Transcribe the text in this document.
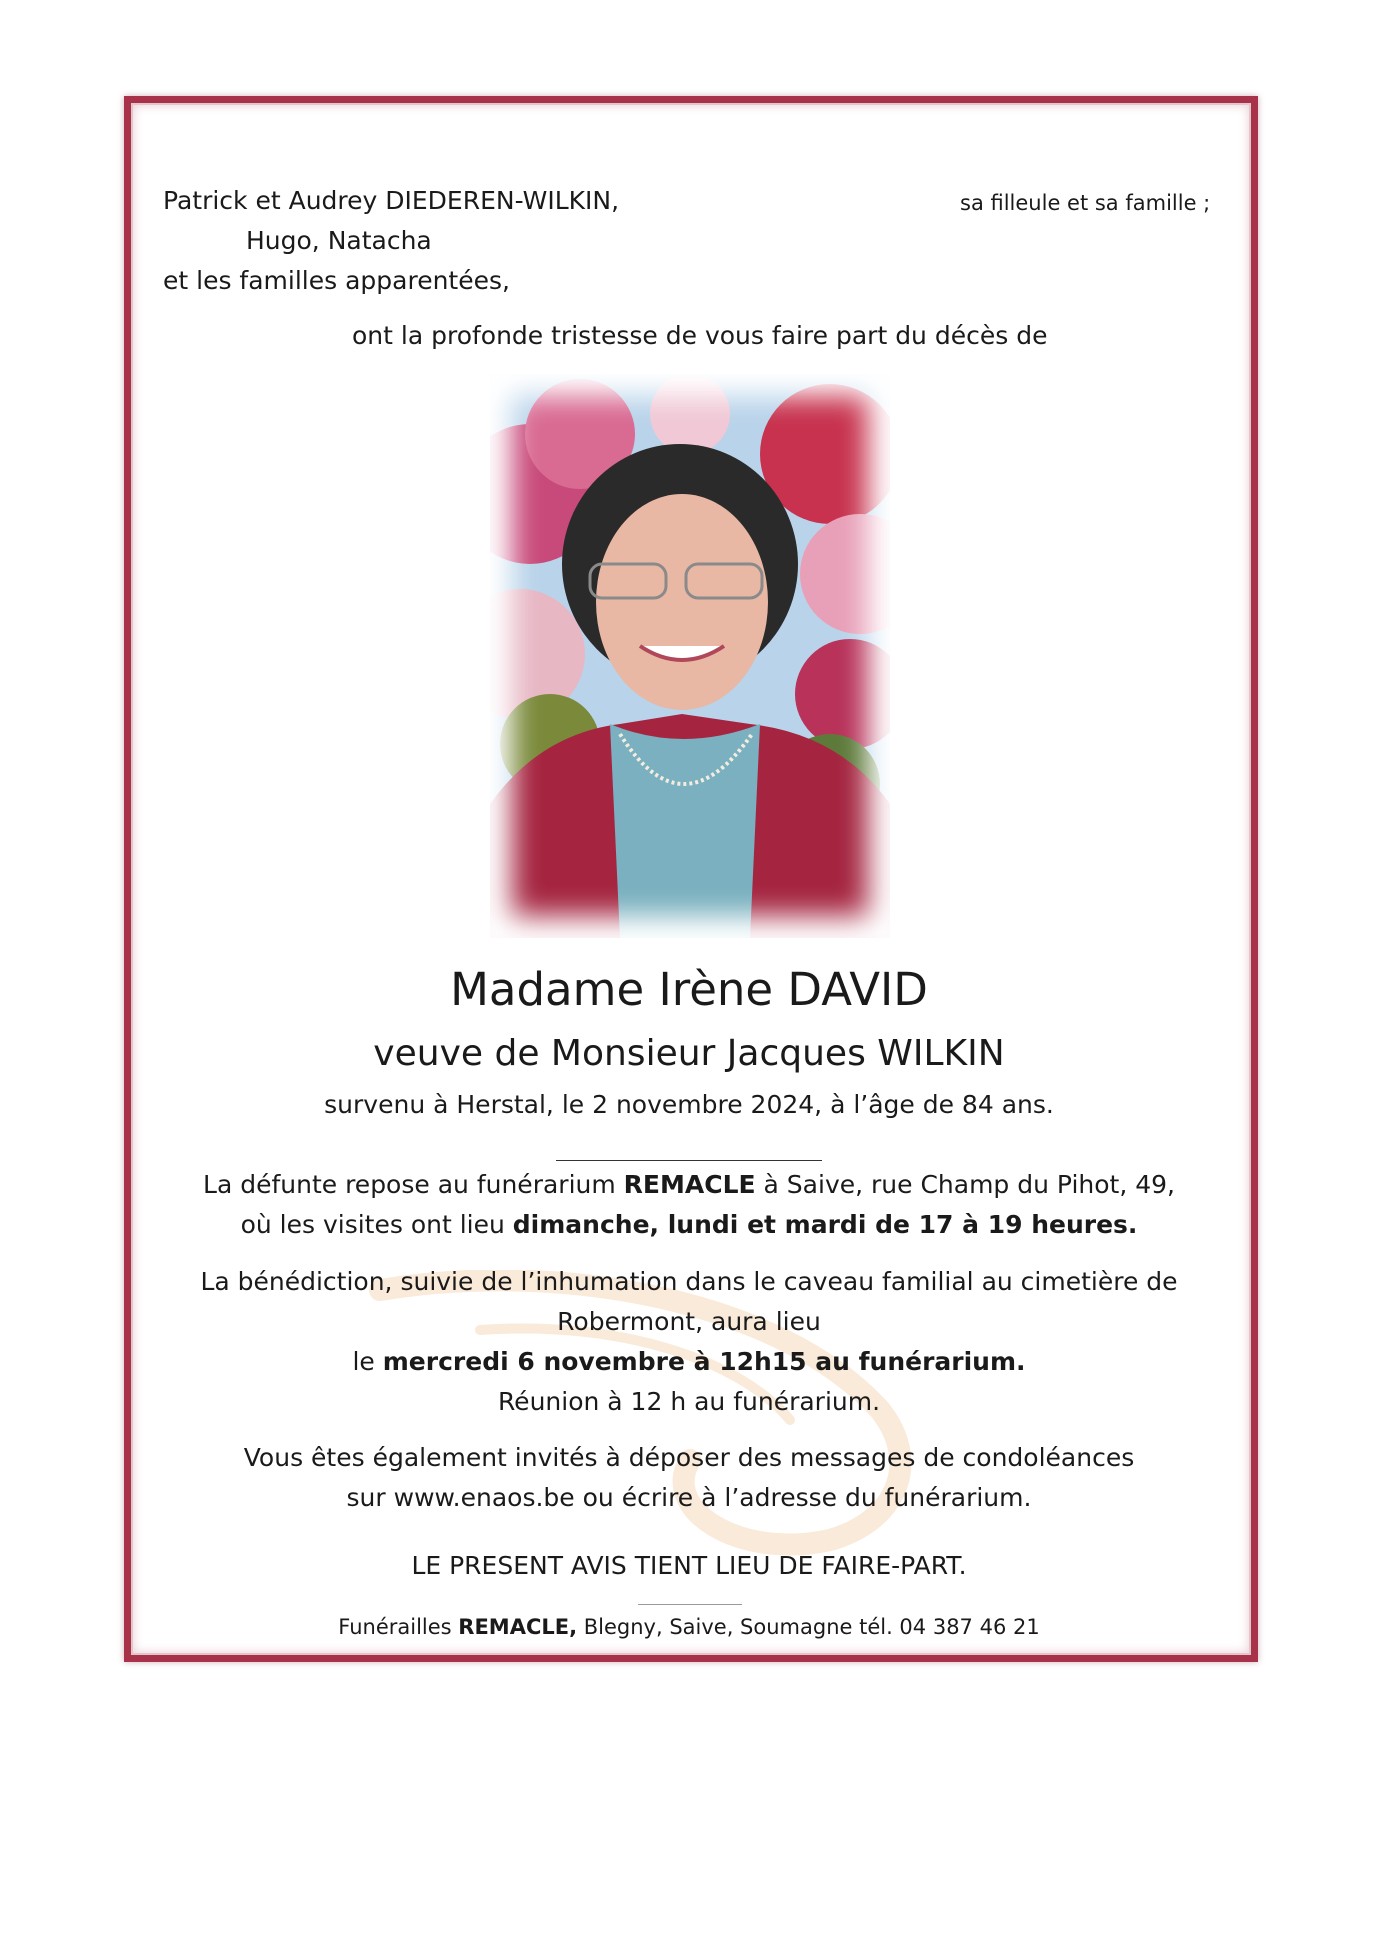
Patrick et Audrey DIEDEREN-WILKIN,	sa filleule et sa famille ;
Hugo, Natacha
et les familles apparentées,
ont la profonde tristesse de vous faire part du décès de
Madame Irène DAVID
veuve de Monsieur Jacques WILKIN
survenu à Herstal, le 2 novembre 2024, à l’âge de 84 ans.
La défunte repose au funérarium REMACLE à Saive, rue Champ du Pihot, 49,
où les visites ont lieu dimanche, lundi et mardi de 17 à 19 heures.
La bénédiction, suivie de l’inhumation dans le caveau familial au cimetière de
Robermont, aura lieu
le mercredi 6 novembre à 12h15 au funérarium.
Réunion à 12 h au funérarium.
Vous êtes également invités à déposer des messages de condoléances
sur www.enaos.be ou écrire à l’adresse du funérarium.
LE PRESENT AVIS TIENT LIEU DE FAIRE-PART.
Funérailles REMACLE, Blegny, Saive, Soumagne tél. 04 387 46 21
